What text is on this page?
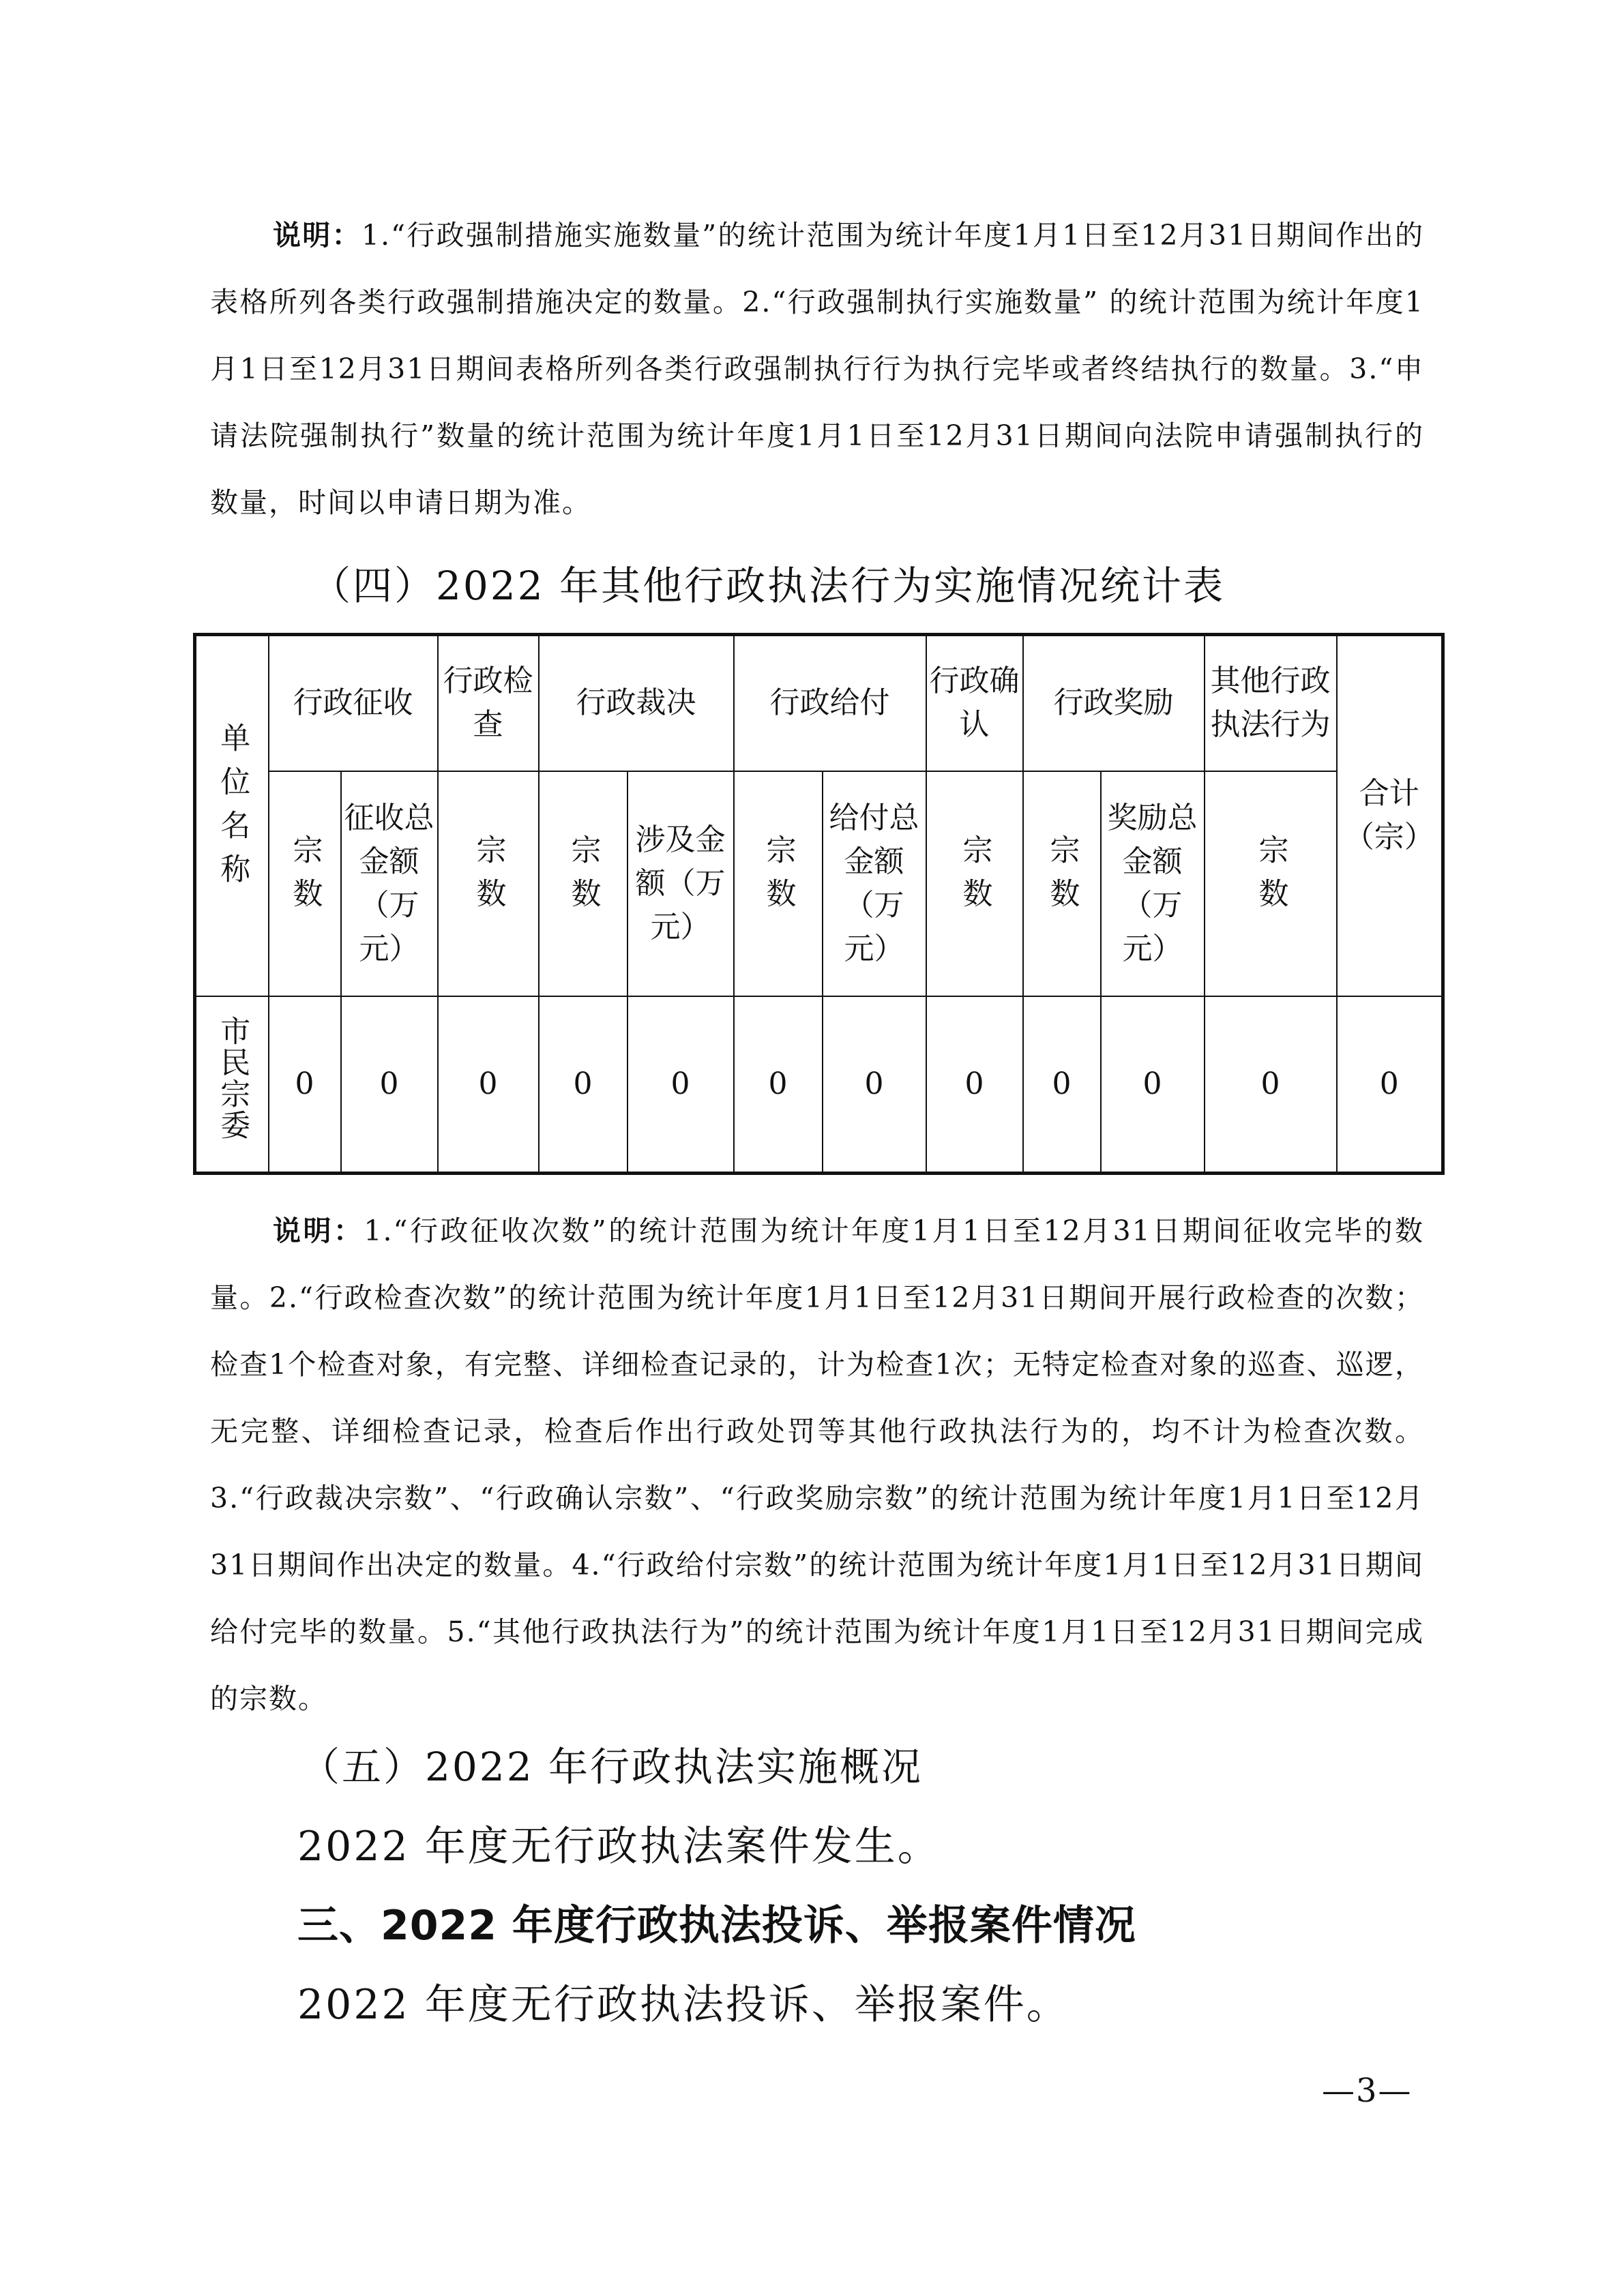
说明：1.“行政强制措施实施数量”的统计范围为统计年度1月1日至12月31日期间作出的表格所列各类行政强制措施决定的数量。2.“行政强制执行实施数量” 的统计范围为统计年度1月1日至12月31日期间表格所列各类行政强制执行行为执行完毕或者终结执行的数量。3.“申请法院强制执行”数量的统计范围为统计年度1月1日至12月31日期间向法院申请强制执行的数量，时间以申请日期为准。
（四）2022 年其他行政执法行为实施情况统计表
单位名称	行政征收		行政检查	行政裁决		行政给付		行政确认	行政奖励		其他行政执法行为	合计（宗）
	宗数	征收总金额（万元）	宗数	宗数	涉及金额（万元）	宗数	给付总金额（万元）	宗数	宗数	奖励总金额（万元）	宗数	
市民宗委	0	0	0	0	0	0	0	0	0	0	0	0
说明：1.“行政征收次数”的统计范围为统计年度1月1日至12月31日期间征收完毕的数量。2.“行政检查次数”的统计范围为统计年度1月1日至12月31日期间开展行政检查的次数；检查1个检查对象，有完整、详细检查记录的，计为检查1次；无特定检查对象的巡查、巡逻，无完整、详细检查记录，检查后作出行政处罚等其他行政执法行为的，均不计为检查次数。3.“行政裁决宗数”、“行政确认宗数”、“行政奖励宗数”的统计范围为统计年度1月1日至12月31日期间作出决定的数量。4.“行政给付宗数”的统计范围为统计年度1月1日至12月31日期间给付完毕的数量。5.“其他行政执法行为”的统计范围为统计年度1月1日至12月31日期间完成的宗数。
（五）2022 年行政执法实施概况
2022 年度无行政执法案件发生。
三、2022 年度行政执法投诉、举报案件情况
2022 年度无行政执法投诉、举报案件。
—3—
